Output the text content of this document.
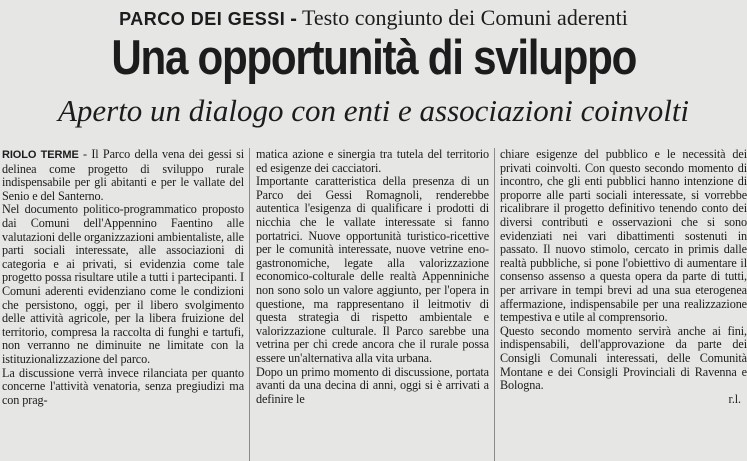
PARCO DEI GESSI - Testo congiunto dei Comuni aderenti
Una opportunità di sviluppo
Aperto un dialogo con enti e associazioni coinvolti

RIOLO TERME - Il Parco della vena dei gessi si delinea come progetto di sviluppo rurale indispensabile per gli abitanti e per le vallate del Senio e del Santerno.

Nel documento politico-programmatico proposto dai Comuni dell'Appennino Faentino alle valutazioni delle organizzazioni ambientaliste, alle parti sociali interessate, alle associazioni di categoria e ai privati, si evidenzia come tale progetto possa risultare utile a tutti i partecipanti. I Comuni aderenti evidenziano come le condizioni che persistono, oggi, per il libero svolgimento delle attività agricole, per la libera fruizione del territorio, compresa la raccolta di funghi e tartufi, non verranno ne diminuite ne limitate con la istituzionalizzazione del parco.

La discussione verrà invece rilanciata per quanto concerne l'attività venatoria, senza pregiudizi ma con prag-

matica azione e sinergia tra tutela del territorio ed esigenze dei cacciatori.

Importante caratteristica della presenza di un Parco dei Gessi Romagnoli, renderebbe autentica l'esigenza di qualificare i prodotti di nicchia che le vallate interessate si fanno portatrici. Nuove opportunità turistico-ricettive per le comunità interessate, nuove vetrine eno-gastronomiche, legate alla valorizzazione economico-colturale delle realtà Appenniniche non sono solo un valore aggiunto, per l'opera in questione, ma rappresentano il leitmotiv di questa strategia di rispetto ambientale e valorizzazione culturale. Il Parco sarebbe una vetrina per chi crede ancora che il rurale possa essere un'alternativa alla vita urbana.

Dopo un primo momento di discussione, portata avanti da una decina di anni, oggi si è arrivati a definire le

chiare esigenze del pubblico e le necessità dei privati coinvolti. Con questo secondo momento di incontro, che gli enti pubblici hanno intenzione di proporre alle parti sociali interessate, si vorrebbe ricalibrare il progetto definitivo tenendo conto dei diversi contributi e osservazioni che si sono evidenziati nei vari dibattimenti sostenuti in passato. Il nuovo stimolo, cercato in primis dalle realtà pubbliche, si pone l'obiettivo di aumentare il consenso assenso a questa opera da parte di tutti, per arrivare in tempi brevi ad una sua eterogenea affermazione, indispensabile per una realizzazione tempestiva e utile al comprensorio.

Questo secondo momento servirà anche ai fini, indispensabili, dell'approvazione da parte dei Consigli Comunali interessati, delle Comunità Montane e dei Consigli Provinciali di Ravenna e Bologna.

r.l.
